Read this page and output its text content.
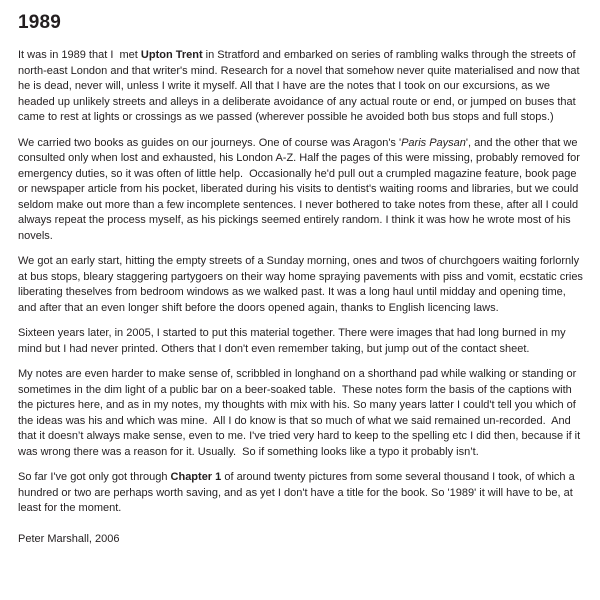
1989

It was in 1989 that I  met Upton Trent in Stratford and embarked on series of rambling walks through the streets of north-east London and that writer's mind. Research for a novel that somehow never quite materialised and now that he is dead, never will, unless I write it myself. All that I have are the notes that I took on our excursions, as we headed up unlikely streets and alleys in a deliberate avoidance of any actual route or end, or jumped on buses that came to rest at lights or crossings as we passed (wherever possible he avoided both bus stops and full stops.)

We carried two books as guides on our journeys. One of course was Aragon's 'Paris Paysan', and the other that we consulted only when lost and exhausted, his London A-Z. Half the pages of this were missing, probably removed for emergency duties, so it was often of little help.  Occasionally he'd pull out a crumpled magazine feature, book page or newspaper article from his pocket, liberated during his visits to dentist's waiting rooms and libraries, but we could seldom make out more than a few incomplete sentences. I never bothered to take notes from these, after all I could always repeat the process myself, as his pickings seemed entirely random. I think it was how he wrote most of his novels.

We got an early start, hitting the empty streets of a Sunday morning, ones and twos of churchgoers waiting forlornly at bus stops, bleary staggering partygoers on their way home spraying pavements with piss and vomit, ecstatic cries liberating theselves from bedroom windows as we walked past. It was a long haul until midday and opening time,  and after that an even longer shift before the doors opened again, thanks to English licencing laws.

Sixteen years later, in 2005, I started to put this material together. There were images that had long burned in my mind but I had never printed. Others that I don't even remember taking, but jump out of the contact sheet.

My notes are even harder to make sense of, scribbled in longhand on a shorthand pad while walking or standing or sometimes in the dim light of a public bar on a beer-soaked table.  These notes form the basis of the captions with the pictures here, and as in my notes, my thoughts with mix with his. So many years latter I could't tell you which of the ideas was his and which was mine.  All I do know is that so much of what we said remained un-recorded.  And that it doesn’t always make sense, even to me. I've tried very hard to keep to the spelling etc I did then, because if it was wrong there was a reason for it. Usually.  So if something looks like a typo it probably isn’t.

So far I've got only got through Chapter 1 of around twenty pictures from some several thousand I took, of which a hundred or two are perhaps worth saving, and as yet I don't have a title for the book. So '1989' it will have to be, at least for the moment.

Peter Marshall, 2006
